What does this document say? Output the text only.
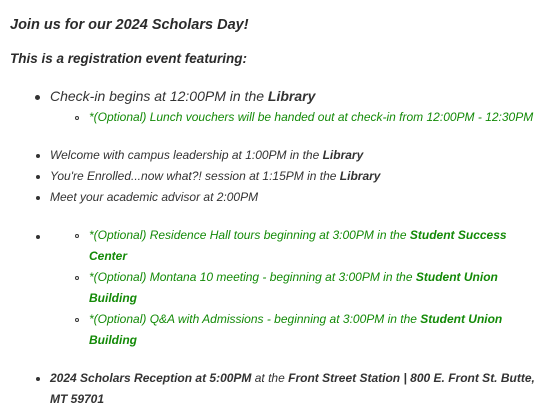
Join us for our 2024 Scholars Day!
This is a registration event featuring:
Check-in begins at 12:00PM in the Library
*(Optional) Lunch vouchers will be handed out at check-in from 12:00PM - 12:30PM
Welcome with campus leadership at 1:00PM in the Library
You're Enrolled...now what?! session at 1:15PM in the Library
Meet your academic advisor at 2:00PM
*(Optional) Residence Hall tours beginning at 3:00PM in the Student Success
Center
*(Optional) Montana 10 meeting - beginning at 3:00PM in the Student Union
Building
*(Optional) Q&A with Admissions - beginning at 3:00PM in the Student Union
Building
2024 Scholars Reception at 5:00PM at the Front Street Station | 800 E. Front St. Butte,
MT 59701
